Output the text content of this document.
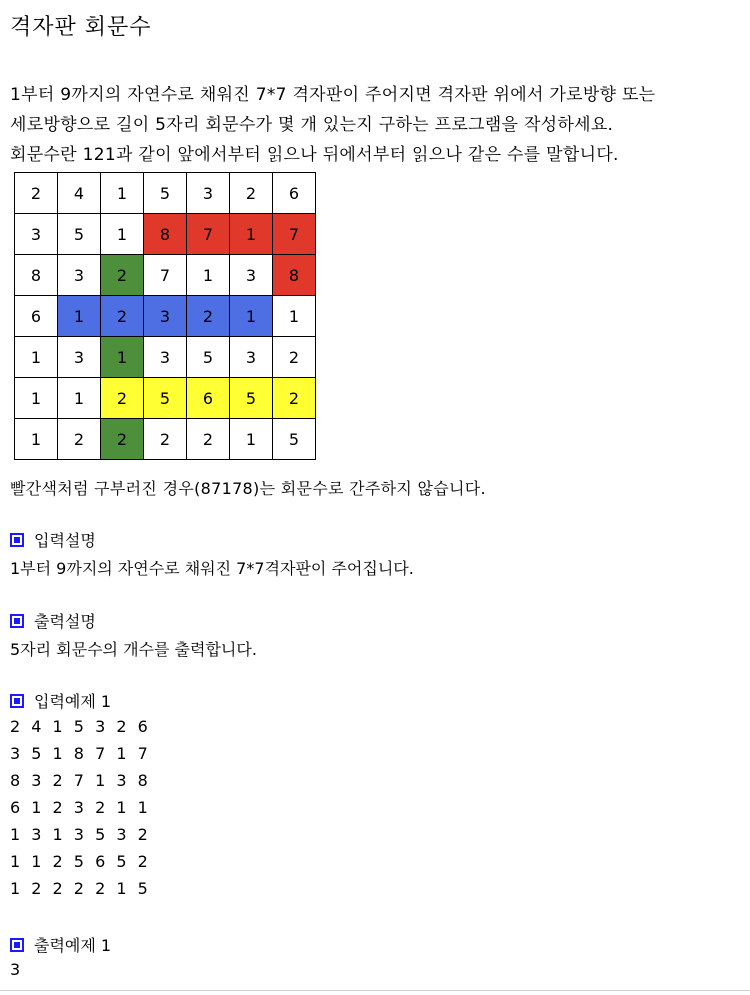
격자판 회문수
1부터 9까지의 자연수로 채워진 7*7 격자판이 주어지면 격자판 위에서 가로방향 또는
세로방향으로 길이 5자리 회문수가 몇 개 있는지 구하는 프로그램을 작성하세요.
회문수란 121과 같이 앞에서부터 읽으나 뒤에서부터 읽으나 같은 수를 말합니다.
2	4	1	5	3	2	6
3	5	1	8	7	1	7
8	3	2	7	1	3	8
6	1	2	3	2	1	1
1	3	1	3	5	3	2
1	1	2	5	6	5	2
1	2	2	2	2	1	5
빨간색처럼 구부러진 경우(87178)는 회문수로 간주하지 않습니다.
입력설명
1부터 9까지의 자연수로 채워진 7*7격자판이 주어집니다.
출력설명
5자리 회문수의 개수를 출력합니다.
입력예제 1
2 4 1 5 3 2 6
3 5 1 8 7 1 7
8 3 2 7 1 3 8
6 1 2 3 2 1 1
1 3 1 3 5 3 2
1 1 2 5 6 5 2
1 2 2 2 2 1 5
출력예제 1
3
